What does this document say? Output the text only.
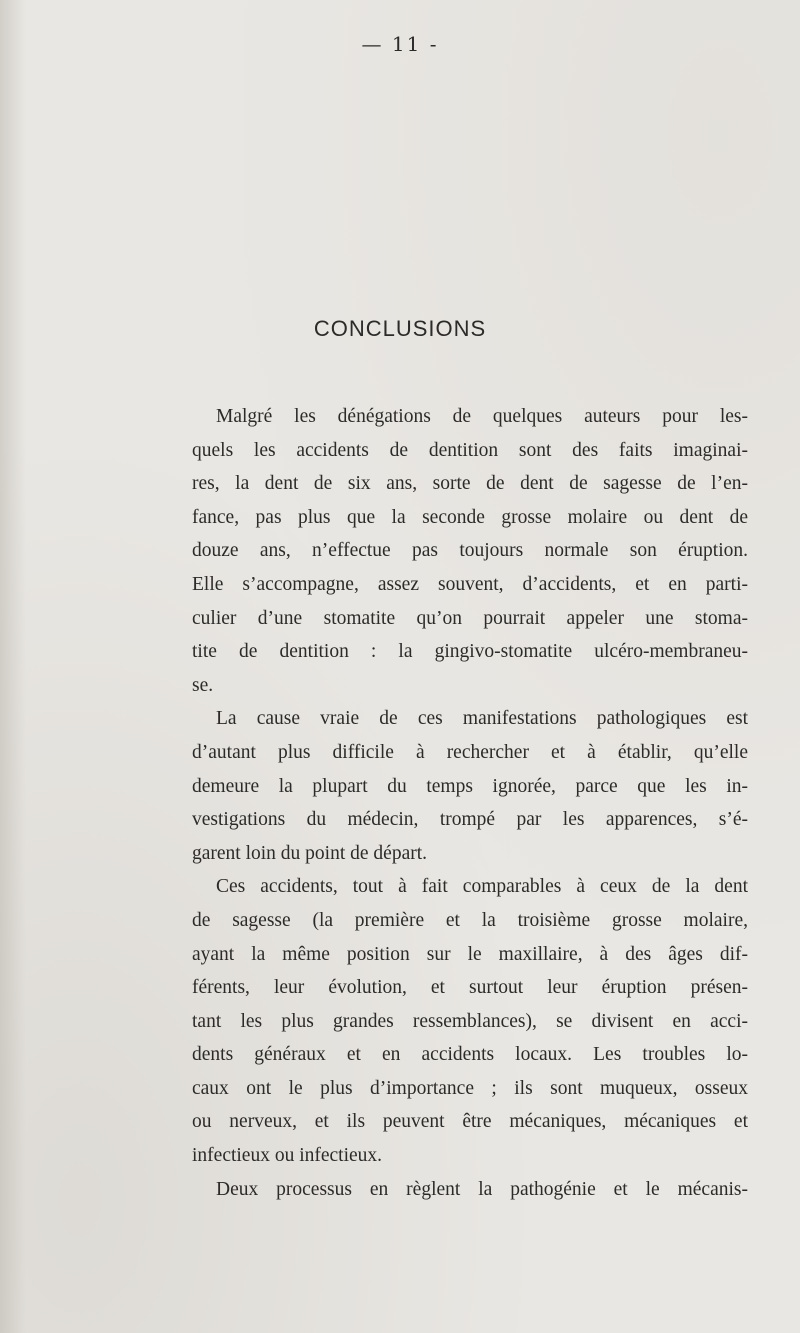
— 11 -
CONCLUSIONS
Malgré les dénégations de quelques auteurs pour les-
quels les accidents de dentition sont des faits imaginai-
res, la dent de six ans, sorte de dent de sagesse de l’en-
fance, pas plus que la seconde grosse molaire ou dent de
douze ans, n’effectue pas toujours normale son éruption.
Elle s’accompagne, assez souvent, d’accidents, et en parti-
culier d’une stomatite qu’on pourrait appeler une stoma-
tite de dentition : la gingivo-stomatite ulcéro-membraneu-
se.
La cause vraie de ces manifestations pathologiques est
d’autant plus difficile à rechercher et à établir, qu’elle
demeure la plupart du temps ignorée, parce que les in-
vestigations du médecin, trompé par les apparences, s’é-
garent loin du point de départ.
Ces accidents, tout à fait comparables à ceux de la dent
de sagesse (la première et la troisième grosse molaire,
ayant la même position sur le maxillaire, à des âges dif-
férents, leur évolution, et surtout leur éruption présen-
tant les plus grandes ressemblances), se divisent en acci-
dents généraux et en accidents locaux. Les troubles lo-
caux ont le plus d’importance ; ils sont muqueux, osseux
ou nerveux, et ils peuvent être mécaniques, mécaniques et
infectieux ou infectieux.
Deux processus en règlent la pathogénie et le mécanis-
